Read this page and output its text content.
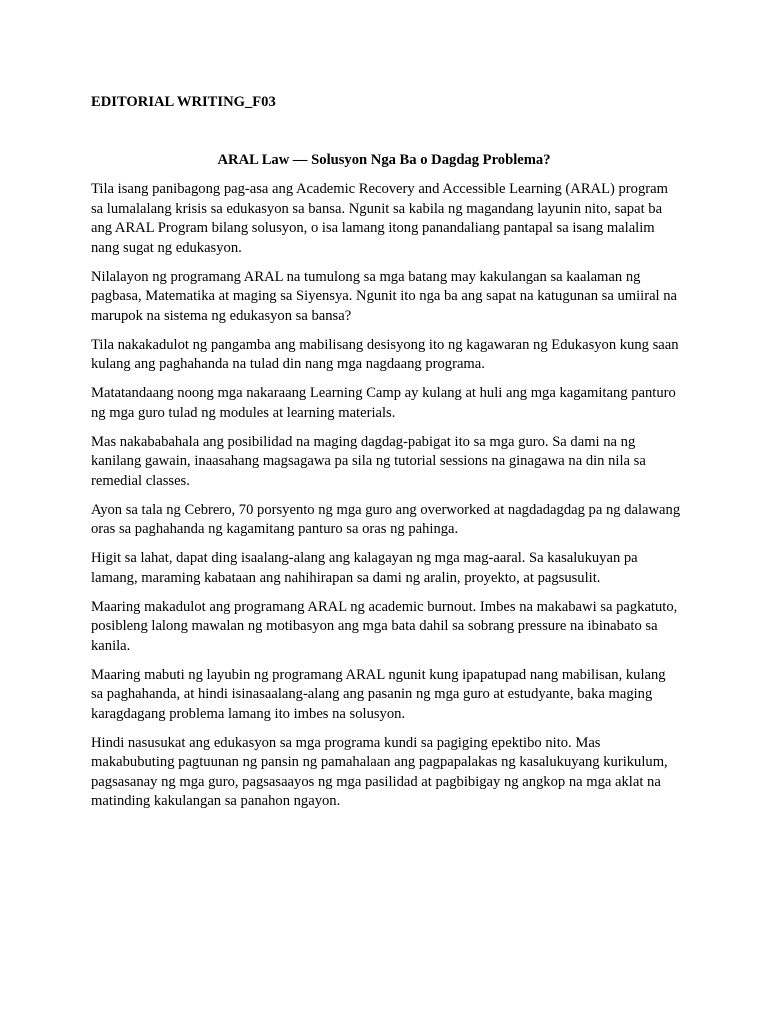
EDITORIAL WRITING_F03
ARAL Law — Solusyon Nga Ba o Dagdag Problema?

Tila isang panibagong pag-asa ang Academic Recovery and Accessible Learning (ARAL) program sa lumalalang krisis sa edukasyon sa bansa. Ngunit sa kabila ng magandang layunin nito, sapat ba ang ARAL Program bilang solusyon, o isa lamang itong panandaliang pantapal sa isang malalim nang sugat ng edukasyon.

Nilalayon ng programang ARAL na tumulong sa mga batang may kakulangan sa kaalaman ng pagbasa, Matematika at maging sa Siyensya. Ngunit ito nga ba ang sapat na katugunan sa umiiral na marupok na sistema ng edukasyon sa bansa?

Tila nakakadulot ng pangamba ang mabilisang desisyong ito ng kagawaran ng Edukasyon kung saan kulang ang paghahanda na tulad din nang mga nagdaang programa.

Matatandaang noong mga nakaraang Learning Camp ay kulang at huli ang mga kagamitang panturo ng mga guro tulad ng modules at learning materials.

Mas nakababahala ang posibilidad na maging dagdag-pabigat ito sa mga guro. Sa dami na ng kanilang gawain, inaasahang magsagawa pa sila ng tutorial sessions na ginagawa na din nila sa remedial classes.

Ayon sa tala ng Cebrero, 70 porsyento ng mga guro ang overworked at nagdadagdag pa ng dalawang oras sa paghahanda ng kagamitang panturo sa oras ng pahinga.

Higit sa lahat, dapat ding isaalang-alang ang kalagayan ng mga mag-aaral. Sa kasalukuyan pa lamang, maraming kabataan ang nahihirapan sa dami ng aralin, proyekto, at pagsusulit.

Maaring makadulot ang programang ARAL ng academic burnout. Imbes na makabawi sa pagkatuto, posibleng lalong mawalan ng motibasyon ang mga bata dahil sa sobrang pressure na ibinabato sa kanila.

Maaring mabuti ng layubin ng programang ARAL ngunit kung ipapatupad nang mabilisan, kulang sa paghahanda, at hindi isinasaalang-alang ang pasanin ng mga guro at estudyante, baka maging karagdagang problema lamang ito imbes na solusyon.

Hindi nasusukat ang edukasyon sa mga programa kundi sa pagiging epektibo nito. Mas makabubuting pagtuunan ng pansin ng pamahalaan ang pagpapalakas ng kasalukuyang kurikulum, pagsasanay ng mga guro, pagsasaayos ng mga pasilidad at pagbibigay ng angkop na mga aklat na matinding kakulangan sa panahon ngayon.
